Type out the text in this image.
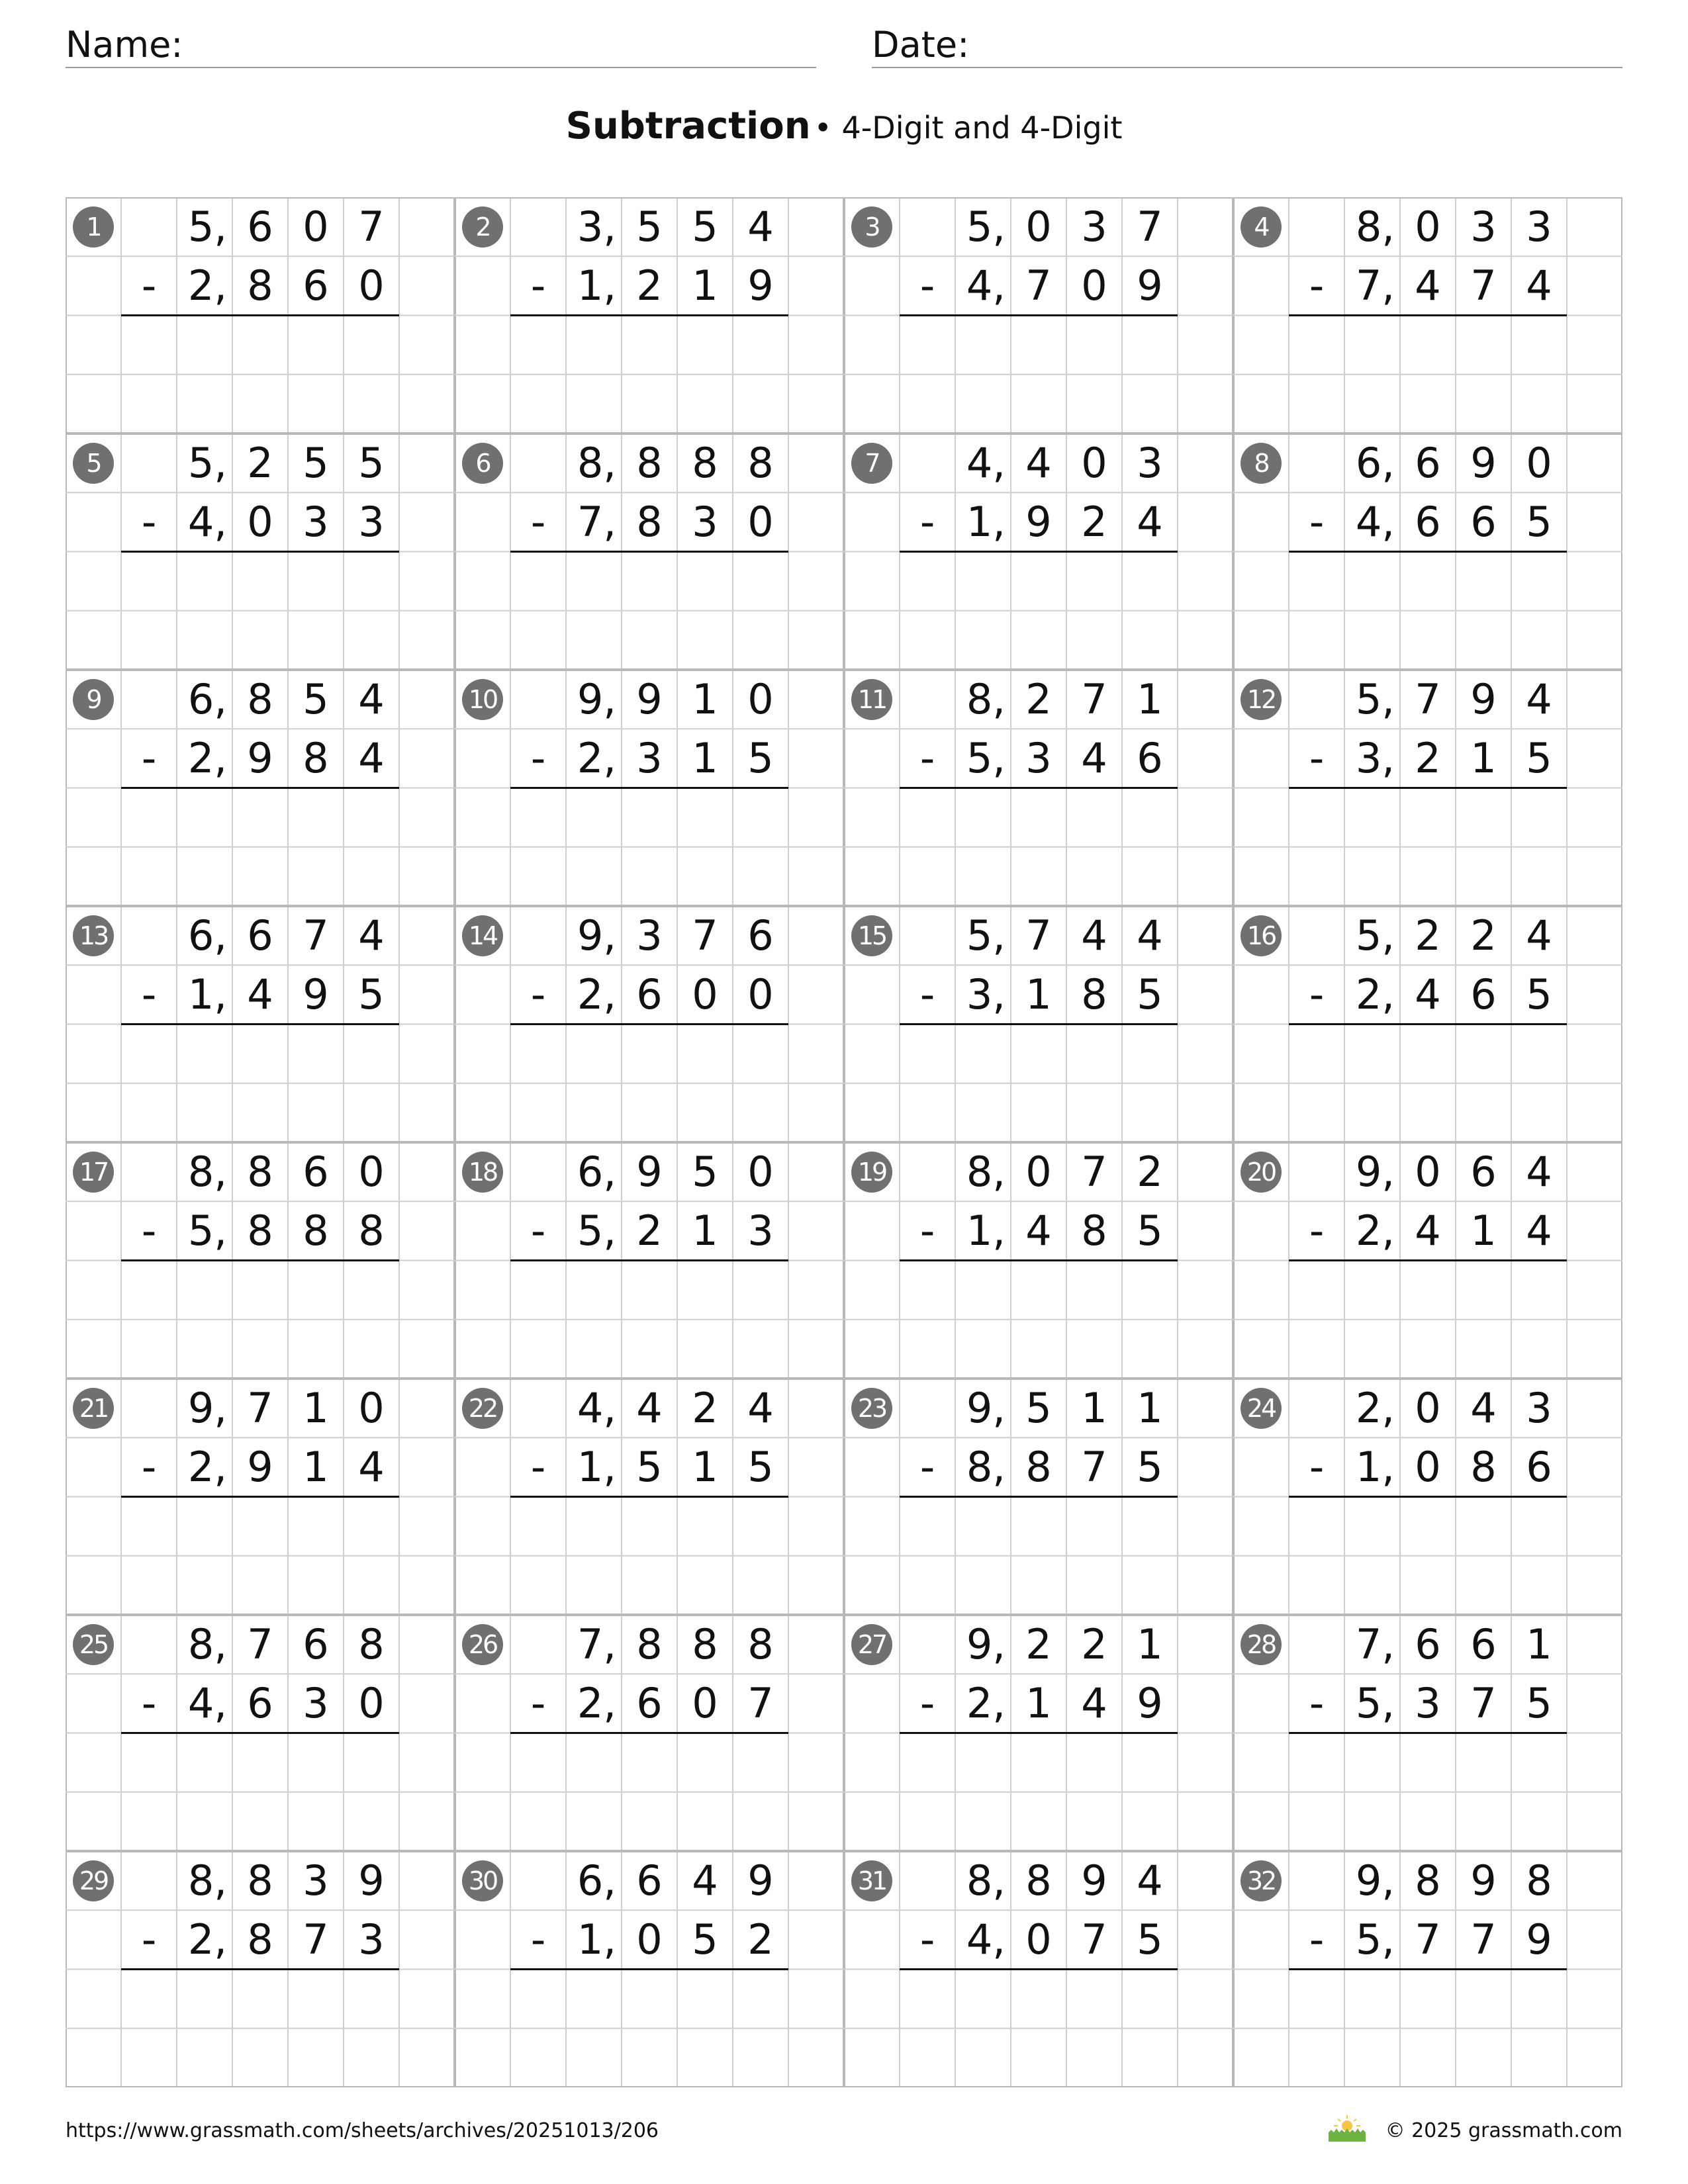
Name:	Date:
Subtraction • 4-Digit and 4-Digit
1	5, 6 0 7
- 2, 8 6 0
2	3, 5 5 4
- 1, 2 1 9
3	5, 0 3 7
- 4, 7 0 9
4	8, 0 3 3
- 7, 4 7 4
5	5, 2 5 5
- 4, 0 3 3
6	8, 8 8 8
- 7, 8 3 0
7	4, 4 0 3
- 1, 9 2 4
8	6, 6 9 0
- 4, 6 6 5
9	6, 8 5 4
- 2, 9 8 4
10 9, 9 1 0
- 2, 3 1 5
11 8, 2 7 1
- 5, 3 4 6
12 5, 7 9 4
- 3, 2 1 5
13 6, 6 7 4
- 1, 4 9 5
14 9, 3 7 6
- 2, 6 0 0
15 5, 7 4 4
- 3, 1 8 5
16 5, 2 2 4
- 2, 4 6 5
17 8, 8 6 0
- 5, 8 8 8
18 6, 9 5 0
- 5, 2 1 3
19 8, 0 7 2
- 1, 4 8 5
20 9, 0 6 4
- 2, 4 1 4
21 9, 7 1 0
- 2, 9 1 4
22 4, 4 2 4
- 1, 5 1 5
23 9, 5 1 1
- 8, 8 7 5
24 2, 0 4 3
- 1, 0 8 6
25 8, 7 6 8
- 4, 6 3 0
26 7, 8 8 8
- 2, 6 0 7
27 9, 2 2 1
- 2, 1 4 9
28 7, 6 6 1
- 5, 3 7 5
29 8, 8 3 9
- 2, 8 7 3
30 6, 6 4 9
- 1, 0 5 2
31 8, 8 9 4
- 4, 0 7 5
32 9, 8 9 8
- 5, 7 7 9
https://www.grassmath.com/sheets/archives/20251013/206	© 2025 grassmath.com
